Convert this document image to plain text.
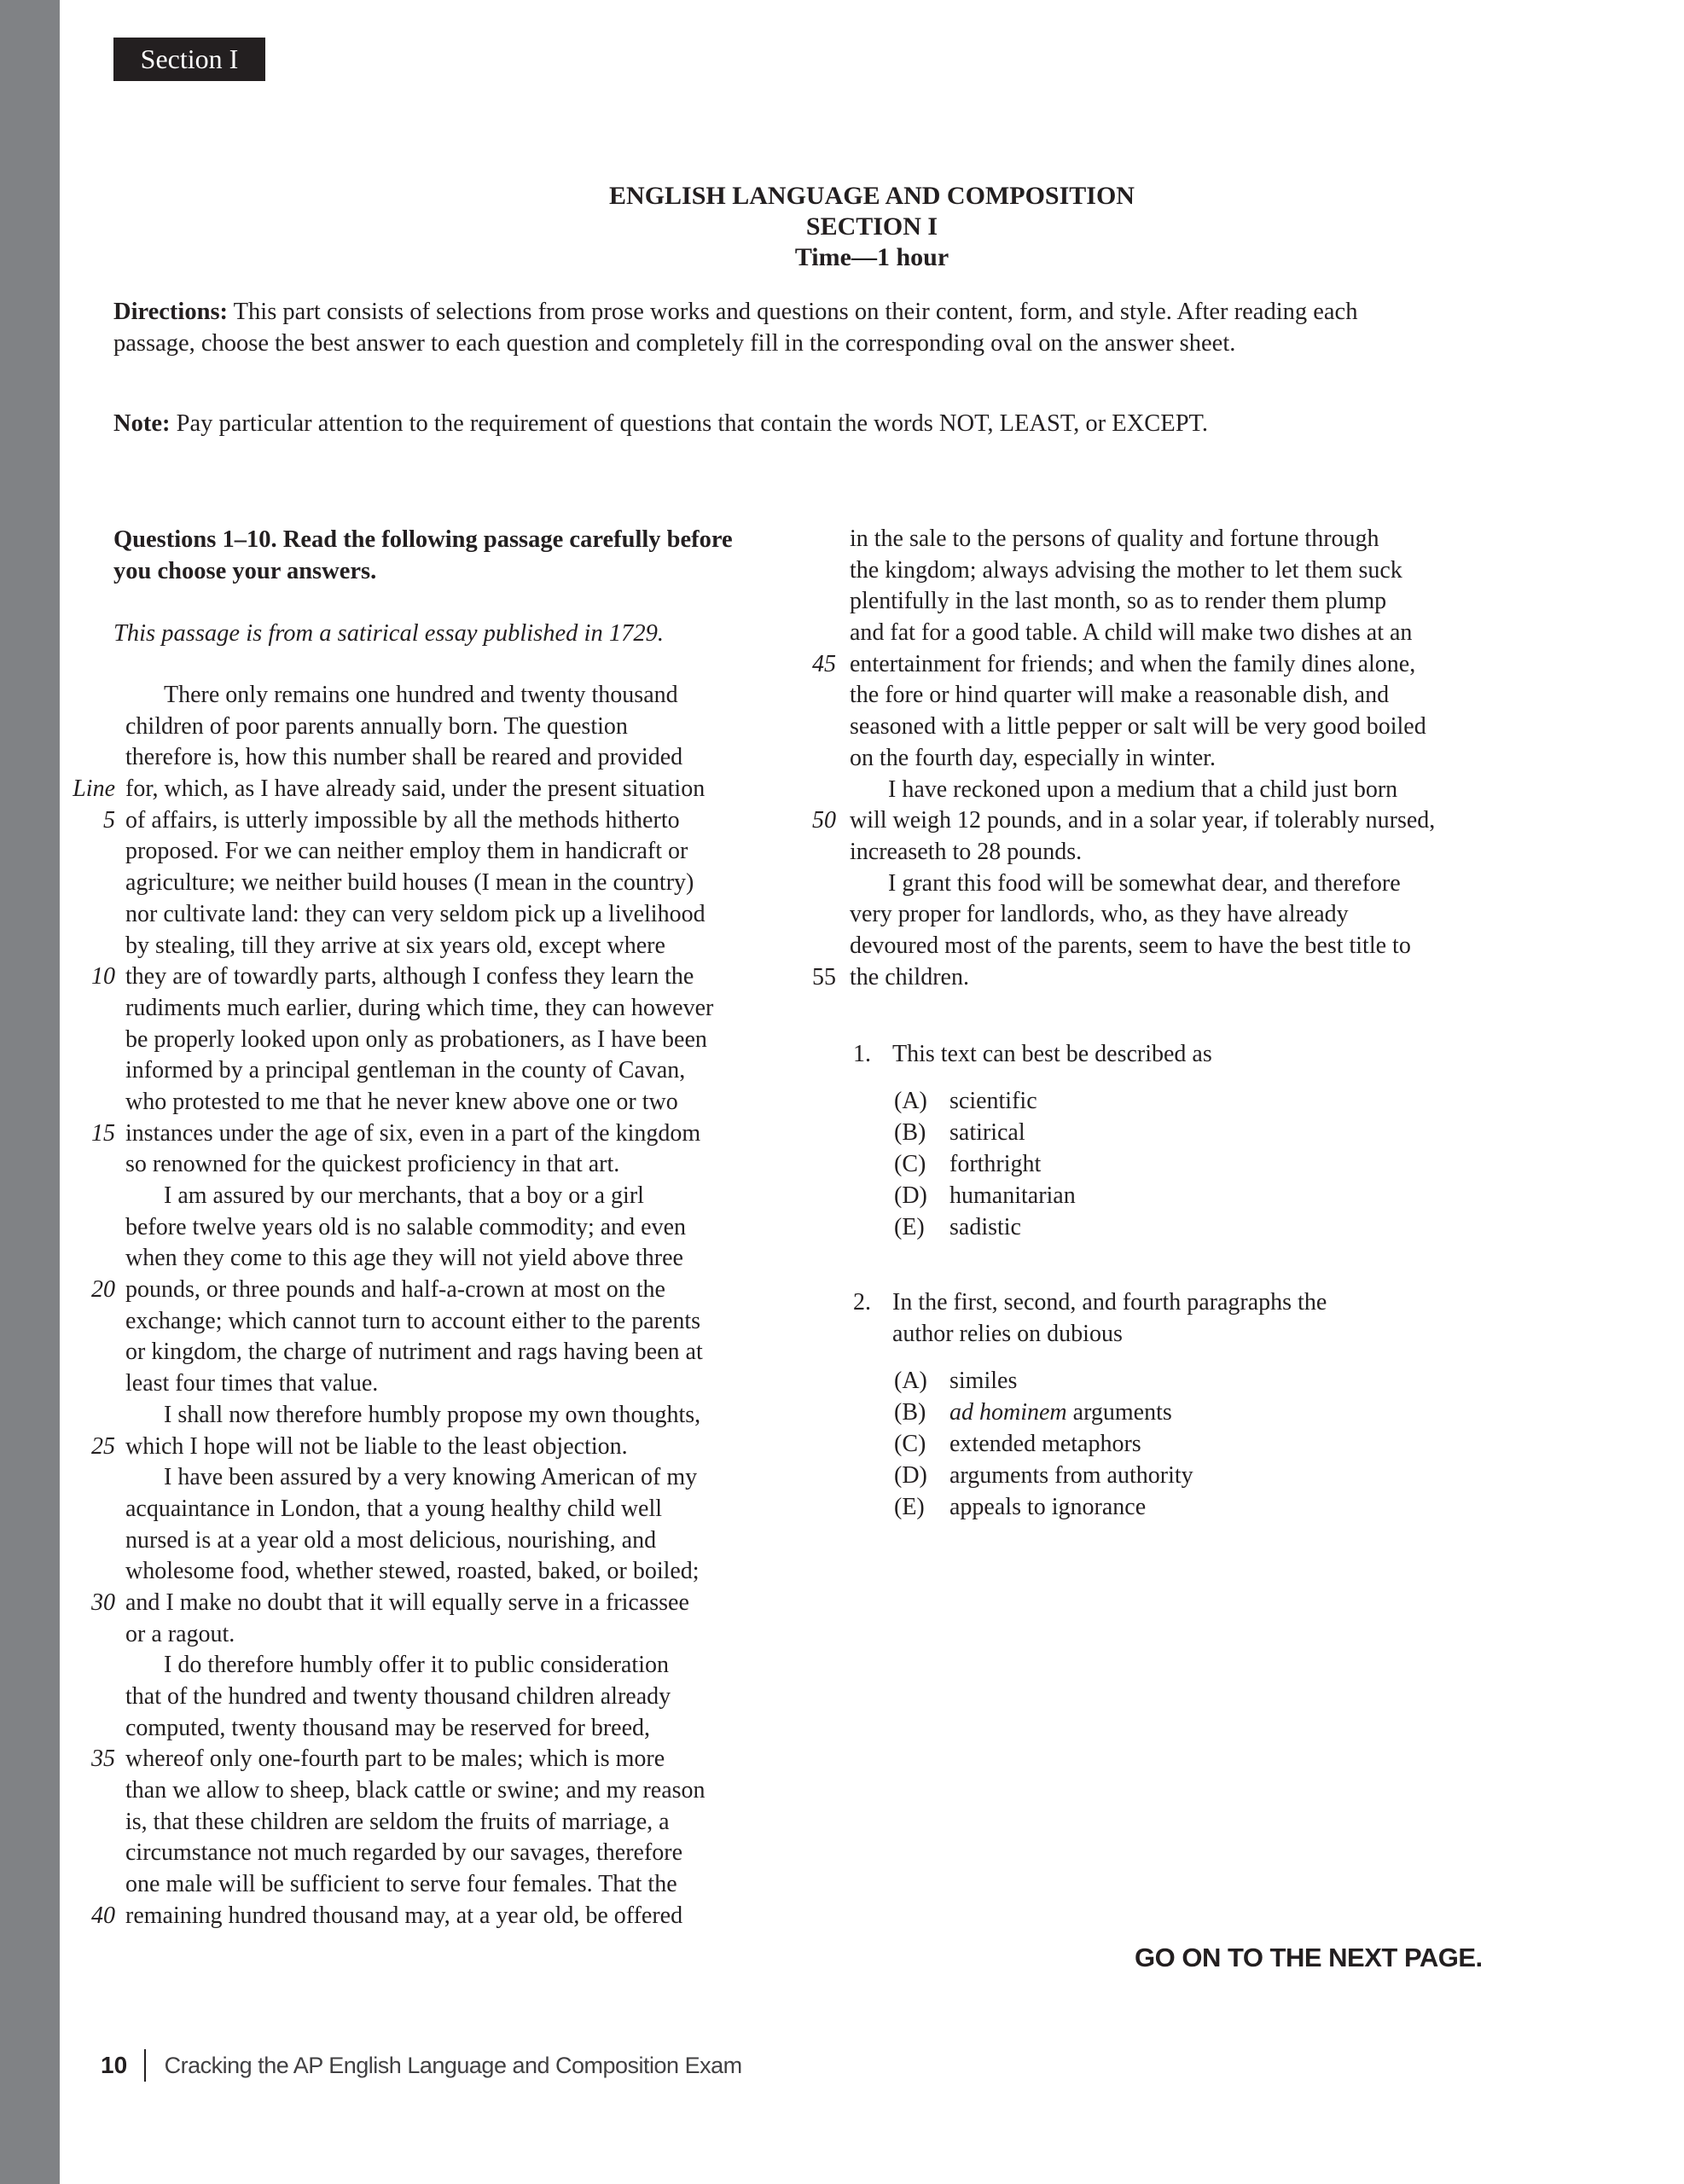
Section I
ENGLISH LANGUAGE AND COMPOSITION
SECTION I
Time—1 hour
Directions: This part consists of selections from prose works and questions on their content, form, and style. After reading each
passage, choose the best answer to each question and completely fill in the corresponding oval on the answer sheet.
Note: Pay particular attention to the requirement of questions that contain the words NOT, LEAST, or EXCEPT.
Questions 1–10. Read the following passage carefully before
you choose your answers.
This passage is from a satirical essay published in 1729.
There only remains one hundred and twenty thousand
children of poor parents annually born. The question
therefore is, how this number shall be reared and provided
Line for, which, as I have already said, under the present situation
5 of affairs, is utterly impossible by all the methods hitherto
proposed. For we can neither employ them in handicraft or
agriculture; we neither build houses (I mean in the country)
nor cultivate land: they can very seldom pick up a livelihood
by stealing, till they arrive at six years old, except where
10 they are of towardly parts, although I confess they learn the
rudiments much earlier, during which time, they can however
be properly looked upon only as probationers, as I have been
informed by a principal gentleman in the county of Cavan,
who protested to me that he never knew above one or two
15 instances under the age of six, even in a part of the kingdom
so renowned for the quickest proficiency in that art.
I am assured by our merchants, that a boy or a girl
before twelve years old is no salable commodity; and even
when they come to this age they will not yield above three
20 pounds, or three pounds and half-a-crown at most on the
exchange; which cannot turn to account either to the parents
or kingdom, the charge of nutriment and rags having been at
least four times that value.
I shall now therefore humbly propose my own thoughts,
25 which I hope will not be liable to the least objection.
I have been assured by a very knowing American of my
acquaintance in London, that a young healthy child well
nursed is at a year old a most delicious, nourishing, and
wholesome food, whether stewed, roasted, baked, or boiled;
30 and I make no doubt that it will equally serve in a fricassee
or a ragout.
I do therefore humbly offer it to public consideration
that of the hundred and twenty thousand children already
computed, twenty thousand may be reserved for breed,
35 whereof only one-fourth part to be males; which is more
than we allow to sheep, black cattle or swine; and my reason
is, that these children are seldom the fruits of marriage, a
circumstance not much regarded by our savages, therefore
one male will be sufficient to serve four females. That the
40 remaining hundred thousand may, at a year old, be offered
in the sale to the persons of quality and fortune through
the kingdom; always advising the mother to let them suck
plentifully in the last month, so as to render them plump
and fat for a good table. A child will make two dishes at an
45 entertainment for friends; and when the family dines alone,
the fore or hind quarter will make a reasonable dish, and
seasoned with a little pepper or salt will be very good boiled
on the fourth day, especially in winter.
I have reckoned upon a medium that a child just born
50 will weigh 12 pounds, and in a solar year, if tolerably nursed,
increaseth to 28 pounds.
I grant this food will be somewhat dear, and therefore
very proper for landlords, who, as they have already
devoured most of the parents, seem to have the best title to
55 the children.
1. This text can best be described as
(A) scientific
(B) satirical
(C) forthright
(D) humanitarian
(E) sadistic
2. In the first, second, and fourth paragraphs the
author relies on dubious
(A) similes
(B) ad hominem arguments
(C) extended metaphors
(D) arguments from authority
(E) appeals to ignorance
GO ON TO THE NEXT PAGE.
10 Cracking the AP English Language and Composition Exam
